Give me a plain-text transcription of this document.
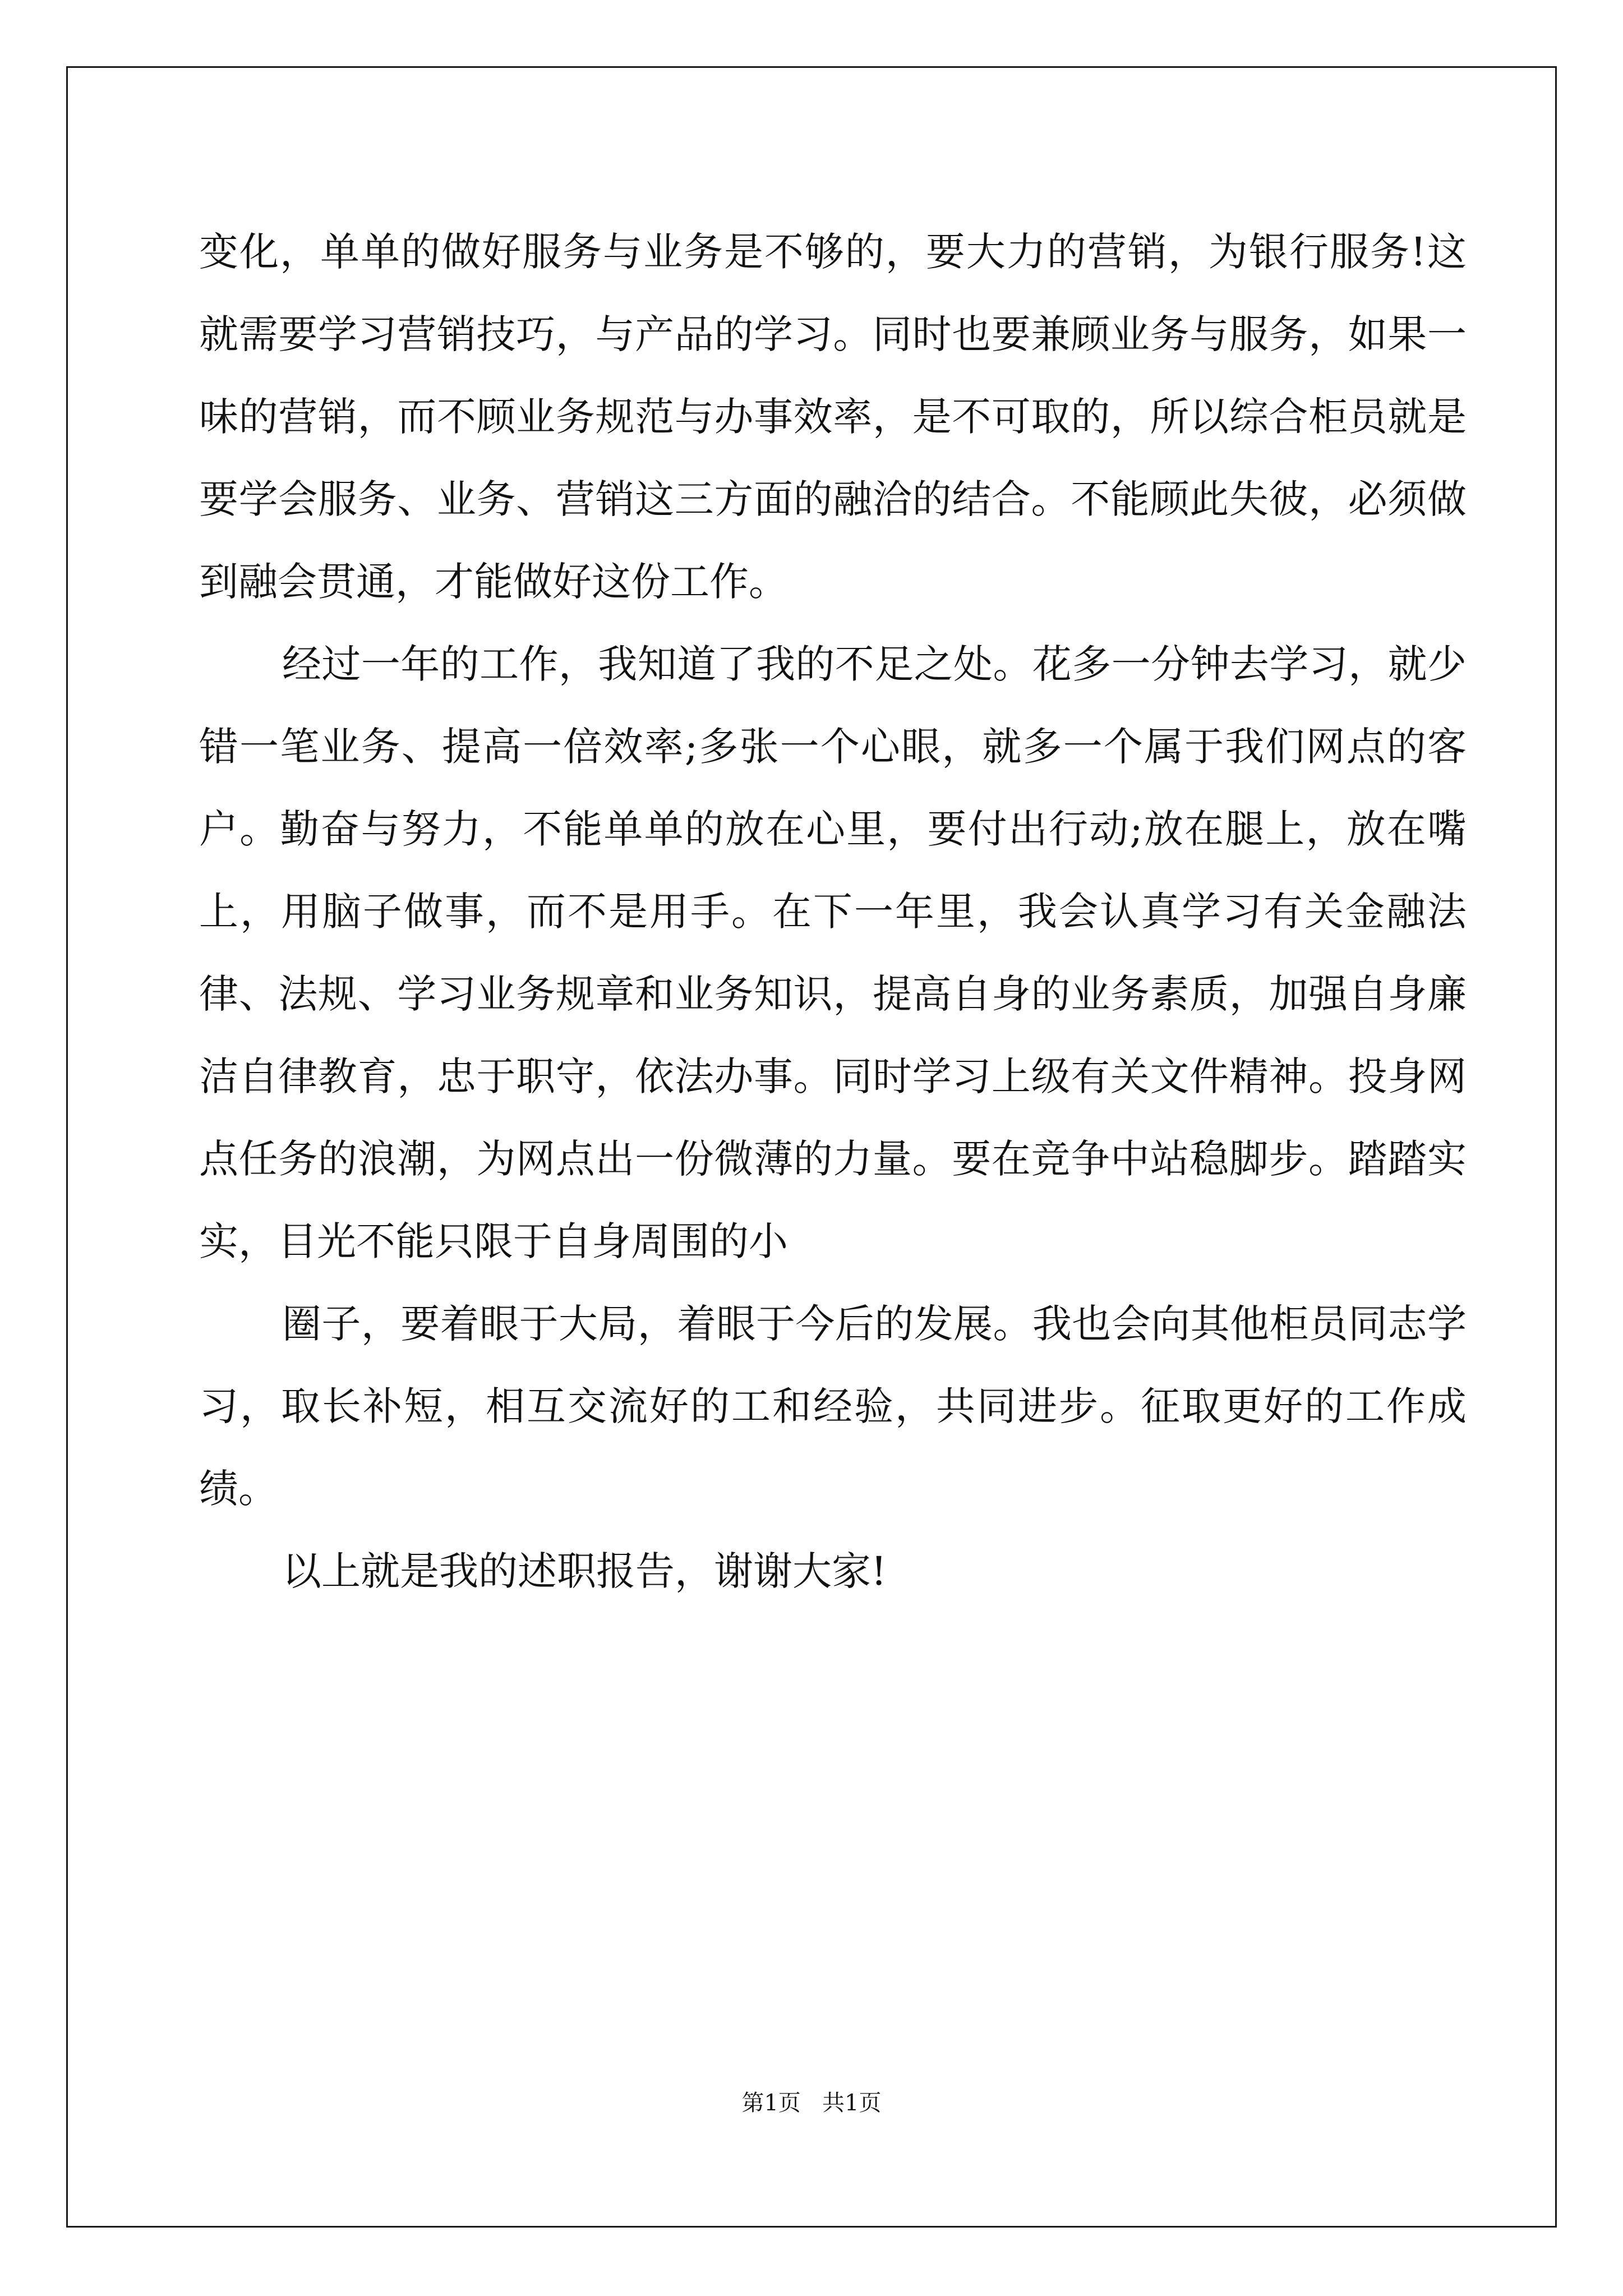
变化，单单的做好服务与业务是不够的，要大力的营销，为银行服务!这就需要学习营销技巧，与产品的学习。同时也要兼顾业务与服务，如果一味的营销，而不顾业务规范与办事效率，是不可取的，所以综合柜员就是要学会服务、业务、营销这三方面的融洽的结合。不能顾此失彼，必须做到融会贯通，才能做好这份工作。

经过一年的工作，我知道了我的不足之处。花多一分钟去学习，就少错一笔业务、提高一倍效率;多张一个心眼，就多一个属于我们网点的客户。勤奋与努力，不能单单的放在心里，要付出行动;放在腿上，放在嘴上，用脑子做事，而不是用手。在下一年里，我会认真学习有关金融法律、法规、学习业务规章和业务知识，提高自身的业务素质，加强自身廉洁自律教育，忠于职守，依法办事。同时学习上级有关文件精神。投身网点任务的浪潮，为网点出一份微薄的力量。要在竞争中站稳脚步。踏踏实实，目光不能只限于自身周围的小

圈子，要着眼于大局，着眼于今后的发展。我也会向其他柜员同志学习，取长补短，相互交流好的工和经验，共同进步。征取更好的工作成绩。

以上就是我的述职报告，谢谢大家!

第1页   共1页
